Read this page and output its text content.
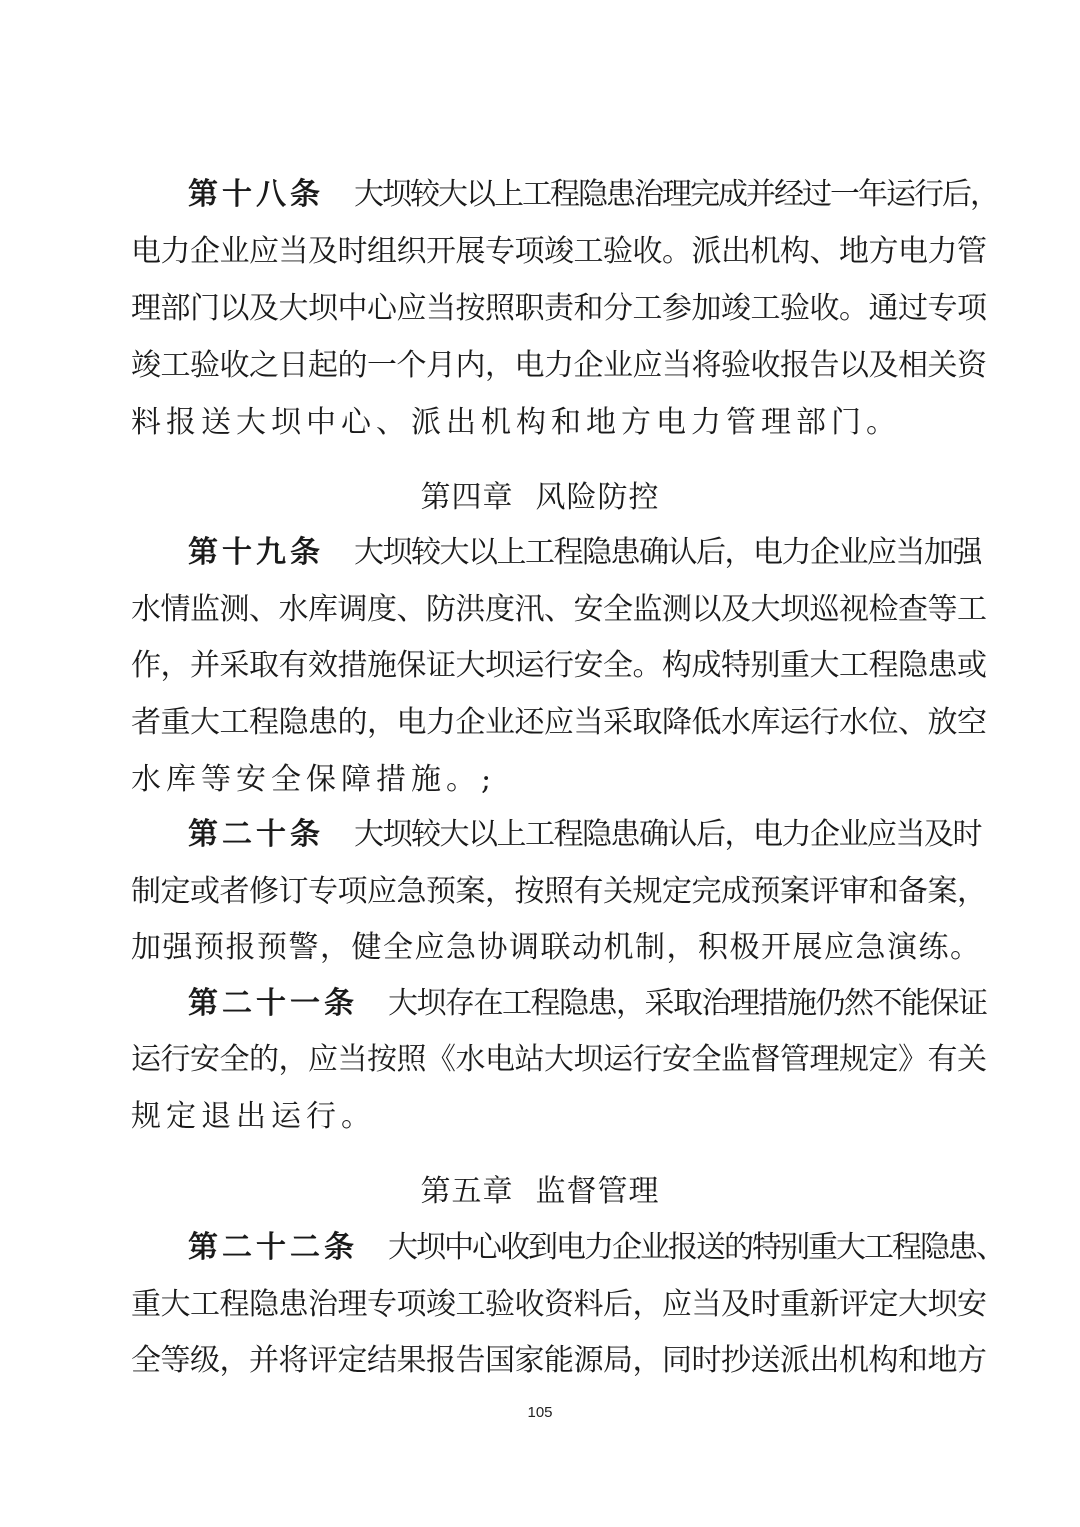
第十八条 大坝较大以上工程隐患治理完成并经过一年运行后，
电力企业应当及时组织开展专项竣工验收。派出机构、地方电力管
理部门以及大坝中心应当按照职责和分工参加竣工验收。通过专项
竣工验收之日起的一个月内，电力企业应当将验收报告以及相关资
料报送大坝中心、派出机构和地方电力管理部门。
第四章 风险防控
第十九条 大坝较大以上工程隐患确认后，电力企业应当加强
水情监测、水库调度、防洪度汛、安全监测以及大坝巡视检查等工
作，并采取有效措施保证大坝运行安全。构成特别重大工程隐患或
者重大工程隐患的，电力企业还应当采取降低水库运行水位、放空
水库等安全保障措施。;
第二十条 大坝较大以上工程隐患确认后，电力企业应当及时
制定或者修订专项应急预案，按照有关规定完成预案评审和备案，
加强预报预警，健全应急协调联动机制，积极开展应急演练。
第二十一条 大坝存在工程隐患，采取治理措施仍然不能保证
运行安全的，应当按照《水电站大坝运行安全监督管理规定》有关
规定退出运行。
第五章 监督管理
第二十二条 大坝中心收到电力企业报送的特别重大工程隐患、
重大工程隐患治理专项竣工验收资料后，应当及时重新评定大坝安
全等级，并将评定结果报告国家能源局，同时抄送派出机构和地方
105
